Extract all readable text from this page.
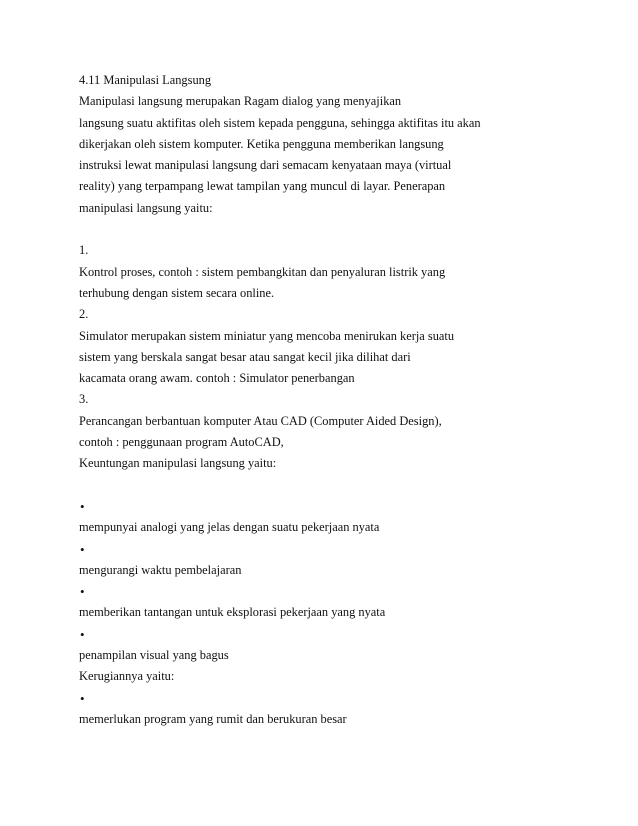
4.11 Manipulasi Langsung
Manipulasi langsung merupakan Ragam dialog yang menyajikan
langsung suatu aktifitas oleh sistem kepada pengguna, sehingga aktifitas itu akan
dikerjakan oleh sistem komputer. Ketika pengguna memberikan langsung
instruksi lewat manipulasi langsung dari semacam kenyataan maya (virtual
reality) yang terpampang lewat tampilan yang muncul di layar. Penerapan
manipulasi langsung yaitu:
1.
Kontrol proses, contoh : sistem pembangkitan dan penyaluran listrik yang
terhubung dengan sistem secara online.
2.
Simulator merupakan sistem miniatur yang mencoba menirukan kerja suatu
sistem yang berskala sangat besar atau sangat kecil jika dilihat dari
kacamata orang awam. contoh : Simulator penerbangan
3.
Perancangan berbantuan komputer Atau CAD (Computer Aided Design),
contoh : penggunaan program AutoCAD,
Keuntungan manipulasi langsung yaitu:
•
mempunyai analogi yang jelas dengan suatu pekerjaan nyata
•
mengurangi waktu pembelajaran
•
memberikan tantangan untuk eksplorasi pekerjaan yang nyata
•
penampilan visual yang bagus
Kerugiannya yaitu:
•
memerlukan program yang rumit dan berukuran besar
